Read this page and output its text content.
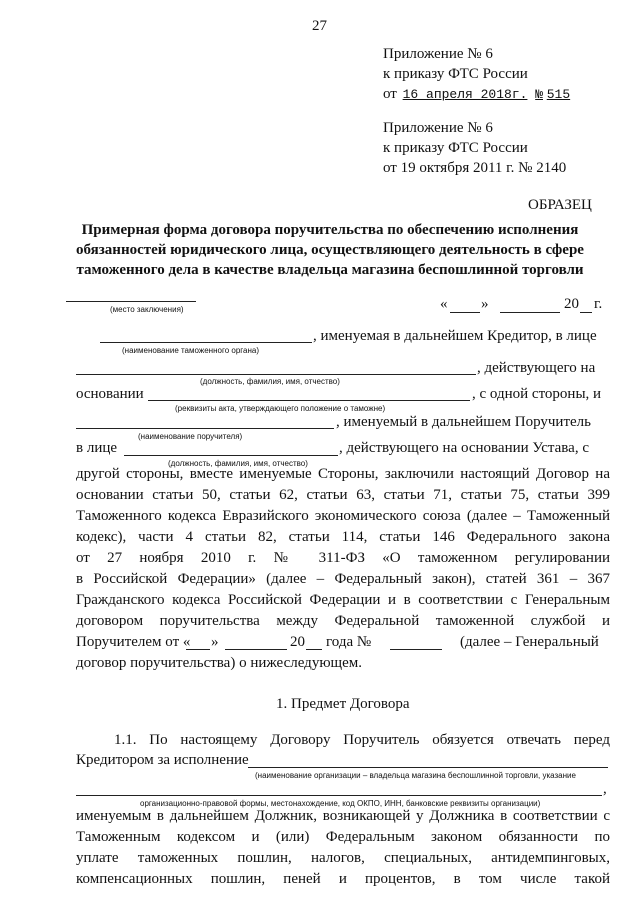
27
Приложение № 6
к приказу ФТС России
от 16 апреля 2018г. № 515
Приложение № 6
к приказу ФТС России
от 19 октября 2011 г. № 2140
ОБРАЗЕЦ
Примерная форма договора поручительства по обеспечению исполнения
обязанностей юридического лица, осуществляющего деятельность в сфере
таможенного дела в качестве владельца магазина беспошлинной торговли
(место заключения)	« »	20 г.
, именуемая в дальнейшем Кредитор, в лице
(наименование таможенного органа)
, действующего на
(должность, фамилия, имя, отчество)
основании	, с одной стороны, и
(реквизиты акта, утверждающего положение о таможне)
, именуемый в дальнейшем Поручитель
(наименование поручителя)
в лице	, действующего на основании Устава, с
(должность, фамилия, имя, отчество)
другой стороны, вместе именуемые Стороны, заключили настоящий Договор на
основании статьи 50, статьи 62, статьи 63, статьи 71, статьи 75, статьи 399
Таможенного кодекса Евразийского экономического союза (далее – Таможенный
кодекс), части 4 статьи 82, статьи 114, статьи 146 Федерального закона
от 27 ноября 2010 г. № 311-ФЗ «О таможенном регулировании
в Российской Федерации» (далее – Федеральный закон), статей 361 – 367
Гражданского кодекса Российской Федерации и в соответствии с Генеральным
договором поручительства между Федеральной таможенной службой и
Поручителем от « »	20 года №	(далее – Генеральный
договор поручительства) о нижеследующем.
1. Предмет Договора
1.1. По настоящему Договору Поручитель обязуется отвечать перед
Кредитором за исполнение
(наименование организации – владельца магазина беспошлинной торговли, указание
,
организационно-правовой формы, местонахождение, код ОКПО, ИНН, банковские реквизиты организации)
именуемым в дальнейшем Должник, возникающей у Должника в соответствии с
Таможенным кодексом и (или) Федеральным законом обязанности по
уплате таможенных пошлин, налогов, специальных, антидемпинговых,
компенсационных пошлин, пеней и процентов, в том числе такой
